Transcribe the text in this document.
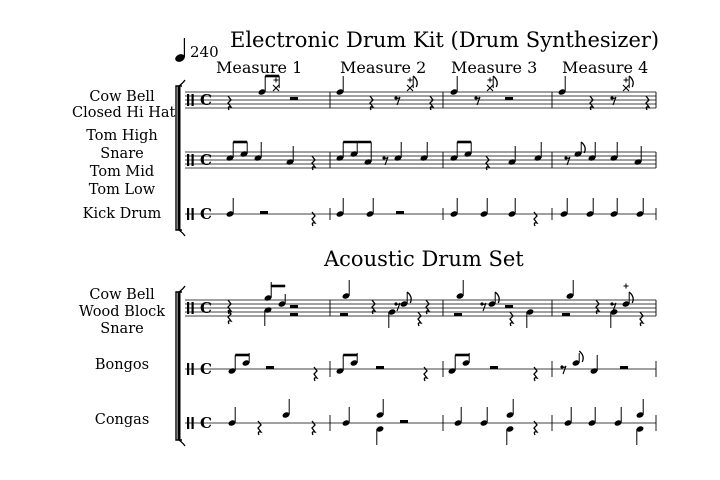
240 Electronic Drum Kit (Drum Synthesizer)
Measure 1 Measure 2 Measure 3 Measure 4
Cow Bell
Closed Hi Hat
Tom High
Snare
Tom Mid
Tom Low
Kick Drum
Acoustic Drum Set
Cow Bell
Wood Block
Snare
Bongos
Congas
C
C
C
C
C
C
